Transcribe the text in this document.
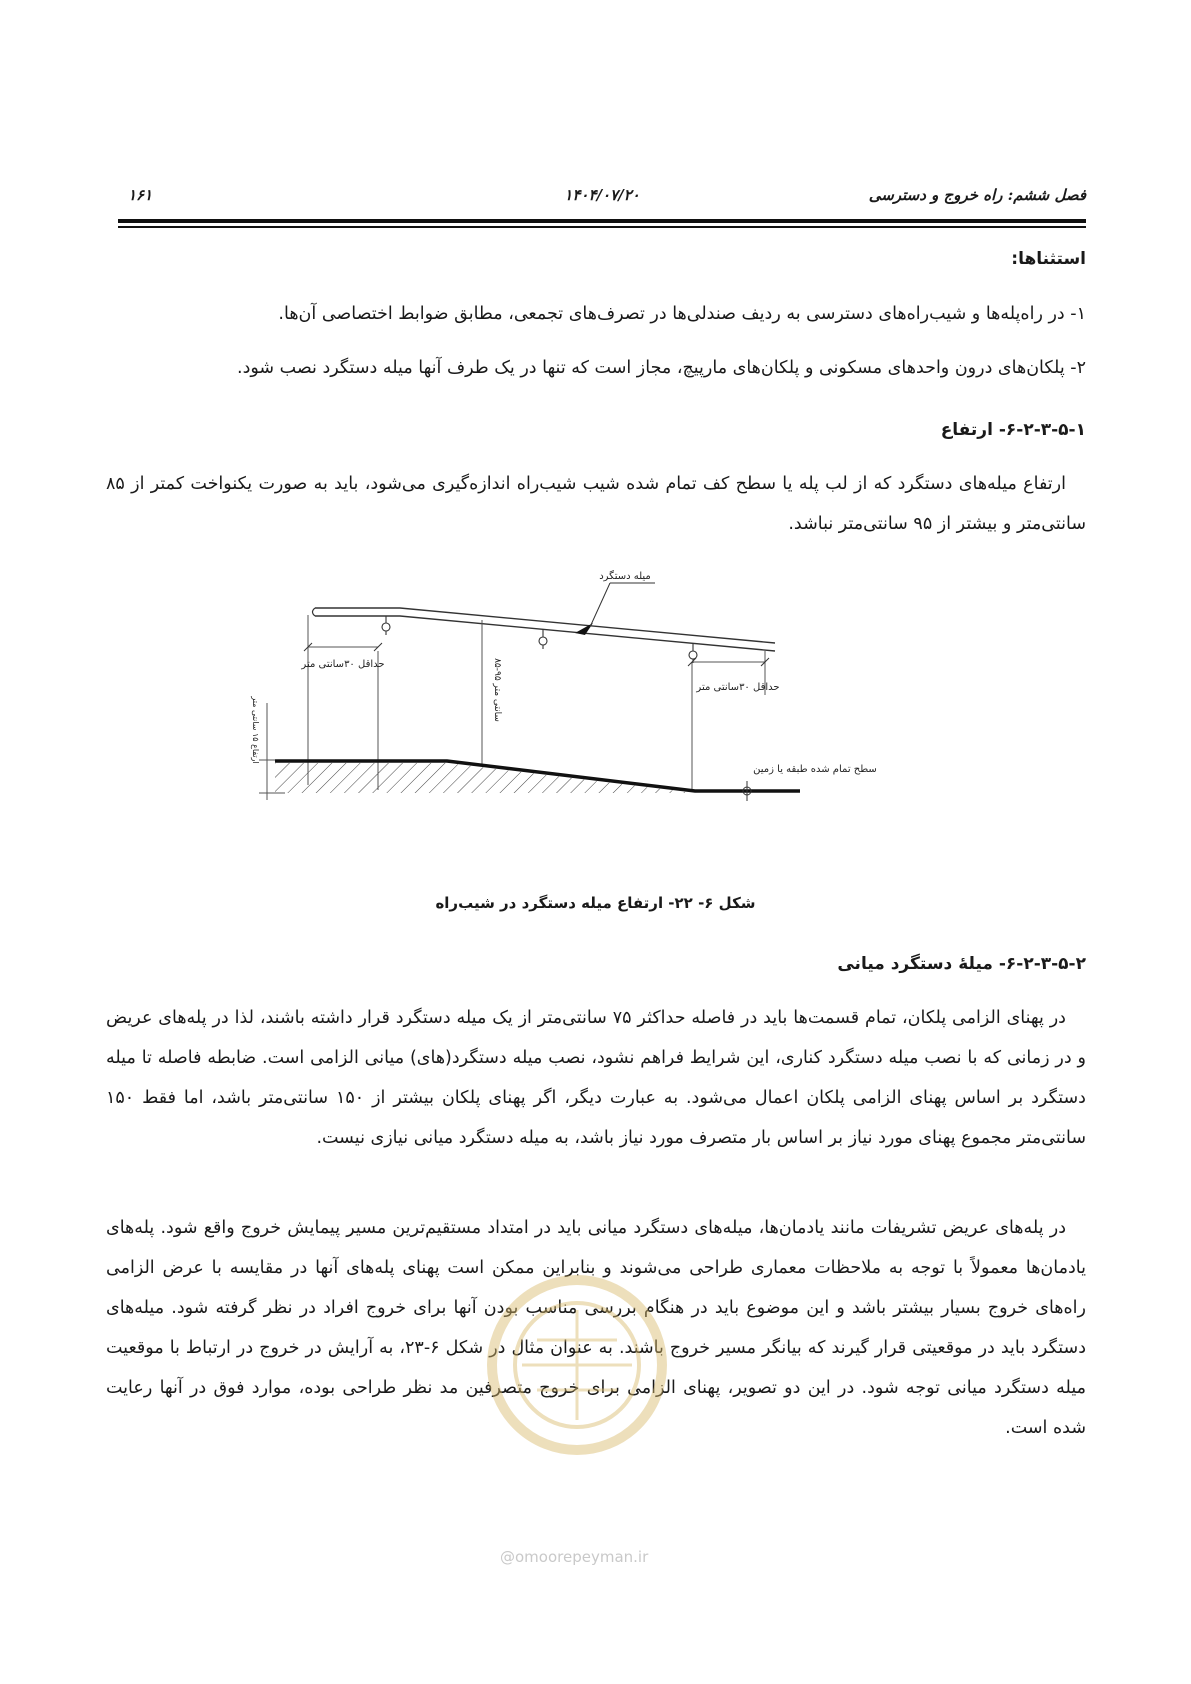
فصل ششم: راه خروج و دسترسی
۱۴۰۴/۰۷/۲۰
۱۶۱
استثناها:
۱- در راه‌پله‌ها و شیب‌راه‌های دسترسی به ردیف صندلی‌ها در تصرف‌های تجمعی، مطابق ضوابط اختصاصی آن‌ها.
۲- پلکان‌های درون واحدهای مسکونی و پلکان‌های مارپیچ، مجاز است که تنها در یک طرف آنها میله دستگرد نصب شود.
۶-۲-۳-۵-۱- ارتفاع
ارتفاع میله‌های دستگرد که از لب پله یا سطح کف تمام شده شیب شیب‌راه اندازه‌گیری می‌شود، باید به صورت یکنواخت کمتر از ۸۵ سانتی‌متر و بیشتر از ۹۵ سانتی‌متر نباشد.
میله دستگرد
حداقل ۳۰سانتی متر
حداقل ۳۰سانتی متر
۸۵-۹۵ سانتی متر
ارتفاع ۱۵ سانتی متر
سطح تمام شده طبقه یا زمین
شکل ۶- ۲۲- ارتفاع میله دستگرد در شیب‌راه
۶-۲-۳-۵-۲- میلۀ دستگرد میانی
در پهنای الزامی پلکان، تمام قسمت‌ها باید در فاصله حداکثر ۷۵ سانتی‌متر از یک میله دستگرد قرار داشته باشند، لذا در پله‌های عریض و در زمانی که با نصب میله دستگرد کناری، این شرایط فراهم نشود، نصب میله دستگرد(های) میانی الزامی است. ضابطه فاصله تا میله دستگرد بر اساس پهنای الزامی پلکان اعمال می‌شود. به عبارت دیگر، اگر پهنای پلکان بیشتر از ۱۵۰ سانتی‌متر باشد، اما فقط ۱۵۰ سانتی‌متر مجموع پهنای مورد نیاز بر اساس بار متصرف مورد نیاز باشد، به میله دستگرد میانی نیازی نیست.
در پله‌های عریض تشریفات مانند یادمان‌ها، میله‌های دستگرد میانی باید در امتداد مستقیم‌ترین مسیر پیمایش خروج واقع شود. پله‌های یادمان‌ها معمولاً با توجه به ملاحظات معماری طراحی می‌شوند و بنابراین ممکن است پهنای پله‌های آنها در مقایسه با عرض الزامی راه‌های خروج بسیار بیشتر باشد و این موضوع باید در هنگام بررسی مناسب بودن آنها برای خروج افراد در نظر گرفته شود. میله‌های دستگرد باید در موقعیتی قرار گیرند که بیانگر مسیر خروج باشند. به عنوان مثال در شکل ۶-۲۳، به آرایش در خروج در ارتباط با موقعیت میله دستگرد میانی توجه شود. در این دو تصویر، پهنای الزامی برای خروج متصرفین مد نظر طراحی بوده، موارد فوق در آنها رعایت شده است.
@omoorepeyman.ir
